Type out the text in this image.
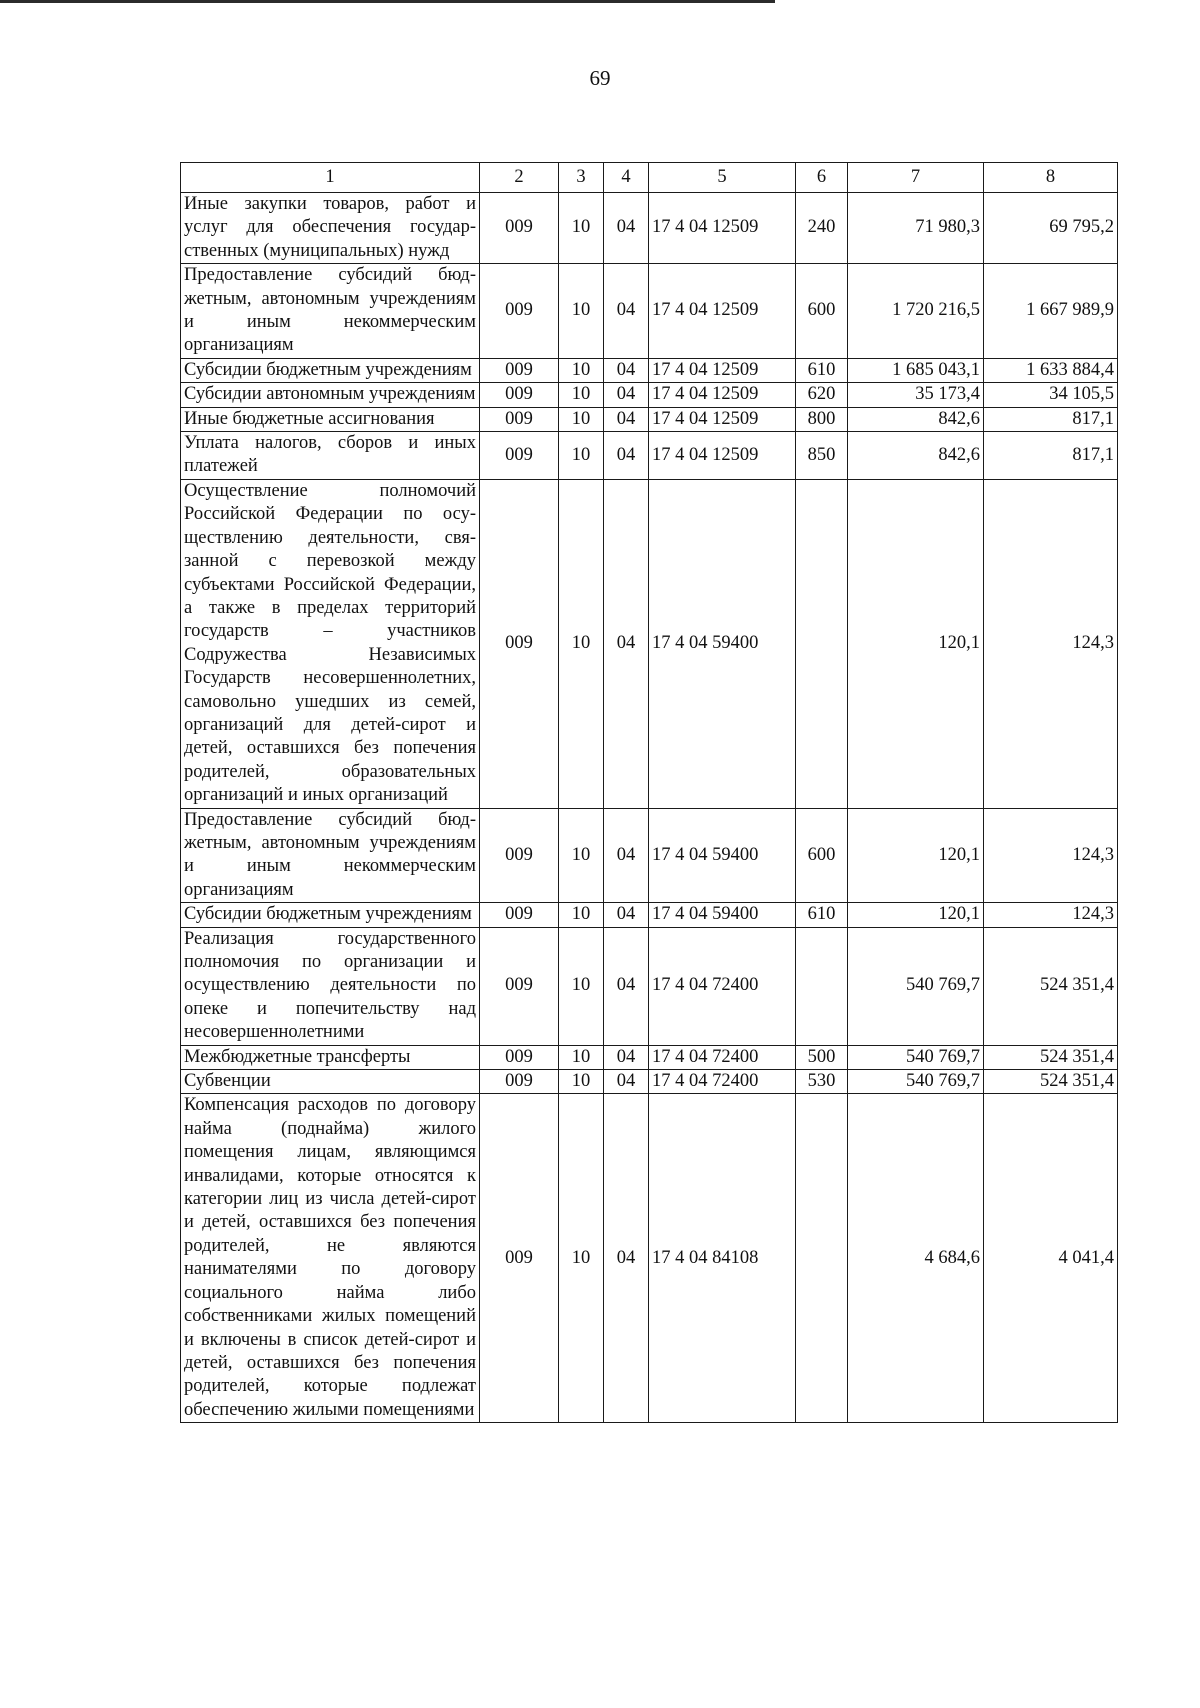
69
1	2	3	4	5	6	7	8
Иные закупки товаров, работ и услуг для обеспечения государственных (муниципальных) нужд	009	10	04	17 4 04 12509	240	71 980,3	69 795,2
Предоставление субсидий бюджетным, автономным учреждениям и иным некоммерческим организациям	009	10	04	17 4 04 12509	600	1 720 216,5	1 667 989,9
Субсидии бюджетным учреждениям	009	10	04	17 4 04 12509	610	1 685 043,1	1 633 884,4
Субсидии автономным учреждениям	009	10	04	17 4 04 12509	620	35 173,4	34 105,5
Иные бюджетные ассигнования	009	10	04	17 4 04 12509	800	842,6	817,1
Уплата налогов, сборов и иных платежей	009	10	04	17 4 04 12509	850	842,6	817,1
Осуществление полномочий Российской Федерации по осуществлению деятельности, связанной с перевозкой между субъектами Российской Федерации, а также в пределах территорий государств – участников Содружества Независимых Государств несовершеннолетних, самовольно ушедших из семей, организаций для детей-сирот и детей, оставшихся без попечения родителей, образовательных организаций и иных организаций	009	10	04	17 4 04 59400		120,1	124,3
Предоставление субсидий бюджетным, автономным учреждениям и иным некоммерческим организациям	009	10	04	17 4 04 59400	600	120,1	124,3
Субсидии бюджетным учреждениям	009	10	04	17 4 04 59400	610	120,1	124,3
Реализация государственного полномочия по организации и осуществлению деятельности по опеке и попечительству над несовершеннолетними	009	10	04	17 4 04 72400		540 769,7	524 351,4
Межбюджетные трансферты	009	10	04	17 4 04 72400	500	540 769,7	524 351,4
Субвенции	009	10	04	17 4 04 72400	530	540 769,7	524 351,4
Компенсация расходов по договору найма (поднайма) жилого помещения лицам, являющимся инвалидами, которые относятся к категории лиц из числа детей-сирот и детей, оставшихся без попечения родителей, не являются нанимателями по договору социального найма либо собственниками жилых помещений и включены в список детей-сирот и детей, оставшихся без попечения родителей, которые подлежат обеспечению жилыми помещениями	009	10	04	17 4 04 84108		4 684,6	4 041,4
